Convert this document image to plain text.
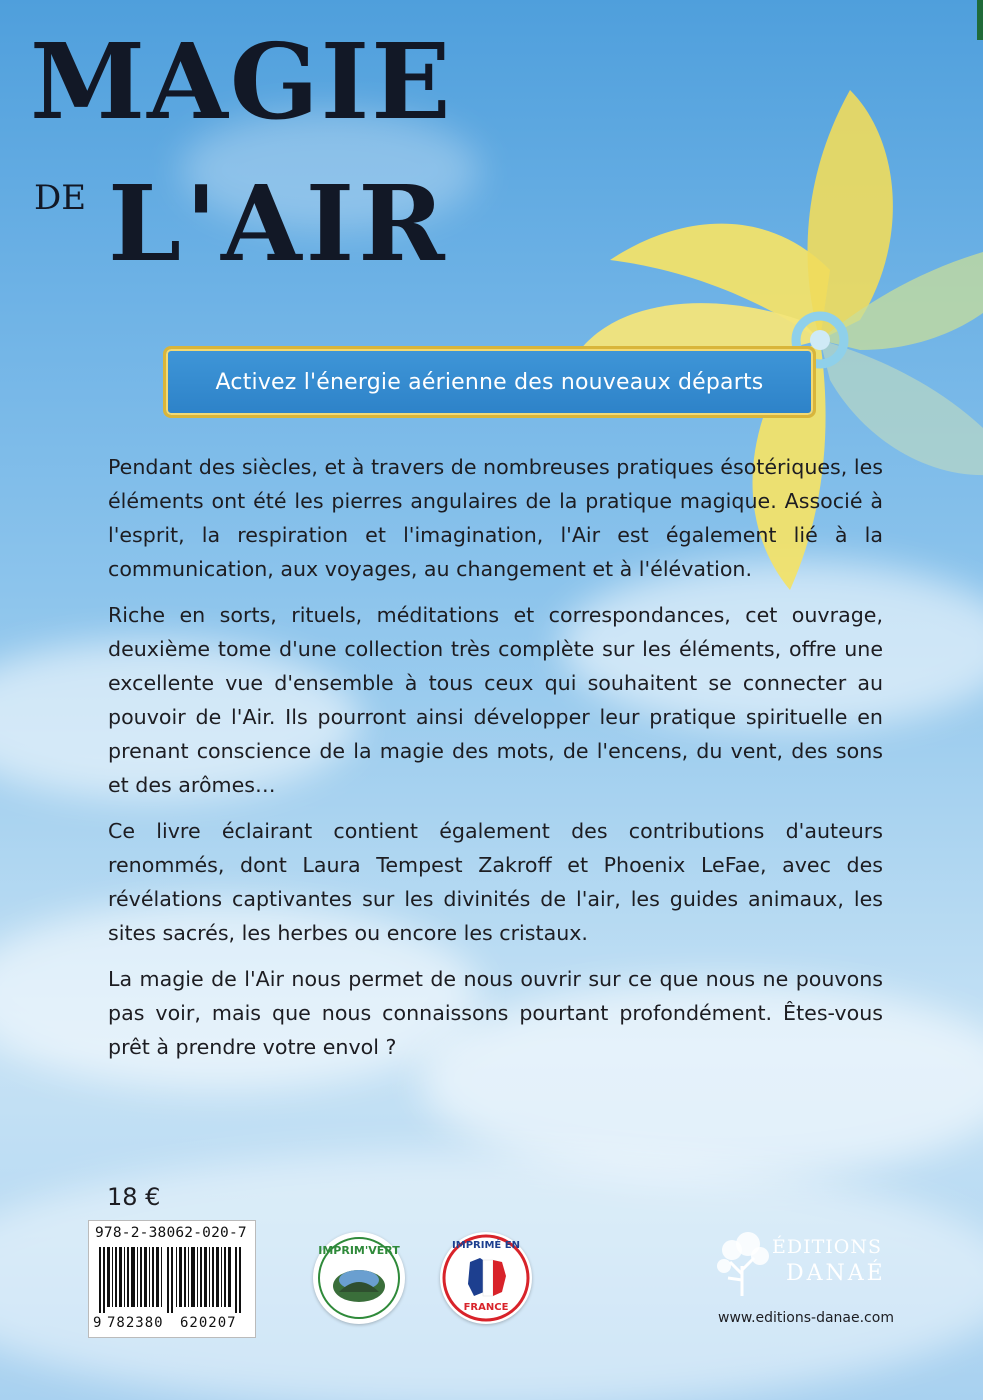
MAGIE
DE L'AIR
Activez l'énergie aérienne des nouveaux départs

Pendant des siècles, et à travers de nombreuses pratiques ésotériques, les éléments ont été les pierres angulaires de la pratique magique. Associé à l'esprit, la respiration et l'imagination, l'Air est également lié à la communication, aux voyages, au changement et à l'élévation.

Riche en sorts, rituels, méditations et correspondances, cet ouvrage, deuxième tome d'une collection très complète sur les éléments, offre une excellente vue d'ensemble à tous ceux qui souhaitent se connecter au pouvoir de l'Air. Ils pourront ainsi développer leur pratique spirituelle en prenant conscience de la magie des mots, de l'encens, du vent, des sons et des arômes…

Ce livre éclairant contient également des contributions d'auteurs renommés, dont Laura Tempest Zakroff et Phoenix LeFae, avec des révélations captivantes sur les divinités de l'air, les guides animaux, les sites sacrés, les herbes ou encore les cristaux.

La magie de l'Air nous permet de nous ouvrir sur ce que nous ne pouvons pas voir, mais que nous connaissons pourtant profondément. Êtes-vous prêt à prendre votre envol ?

18 €
978-2-38062-020-7
9 782380 620207
IMPRIM'VERT	IMPRIMÉ EN
FRANCE
ÉDITIONS
DANAÉ
www.editions-danae.com
